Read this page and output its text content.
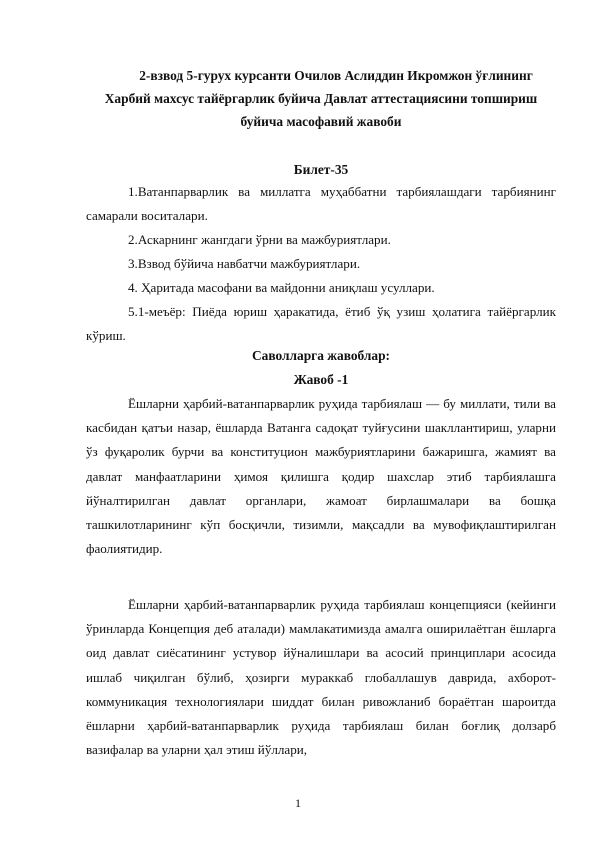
2-взвод 5-гурух курсанти Очилов Аслиддин Икромжон ўғлининг
Харбий махсус тайёргарлик буйича Давлат аттестациясини топшириш
буйича масофавий жавоби
Билет-35
1.Ватанпарварлик ва миллатга муҳаббатни тарбиялашдаги тарбиянинг самарали воситалари.
2.Аскарнинг жангдаги ўрни ва мажбуриятлари.
3.Взвод бўйича навбатчи мажбуриятлари.
4. Ҳаритада масофани ва майдонни аниқлаш усуллари.
5.1-меъёр: Пиёда юриш ҳаракатида, ётиб ўқ узиш ҳолатига тайёргарлик кўриш.
Саволларга жавоблар:
Жавоб -1
Ёшларни ҳарбий-ватанпарварлик руҳида тарбиялаш — бу миллати, тили ва касбидан қатъи назар, ёшларда Ватанга садоқат туйғусини шакллантириш, уларни ўз фуқаролик бурчи ва конституцион мажбуриятларини бажаришга, жамият ва давлат манфаатларини ҳимоя қилишга қодир шахслар этиб тарбиялашга йўналтирилган давлат органлари, жамоат бирлашмалари ва бошқа ташкилотларининг кўп босқичли, тизимли, мақсадли ва мувофиқлаштирилган фаолиятидир.
Ёшларни ҳарбий-ватанпарварлик руҳида тарбиялаш концепцияси (кейинги ўринларда Концепция деб аталади) мамлакатимизда амалга оширилаётган ёшларга оид давлат сиёсатининг устувор йўналишлари ва асосий принциплари асосида ишлаб чиқилган бўлиб, ҳозирги мураккаб глобаллашув даврида, ахборот-коммуникация технологиялари шиддат билан ривожланиб бораётган шароитда ёшларни ҳарбий-ватанпарварлик руҳида тарбиялаш билан боғлиқ долзарб вазифалар ва уларни ҳал этиш йўллари,
1
